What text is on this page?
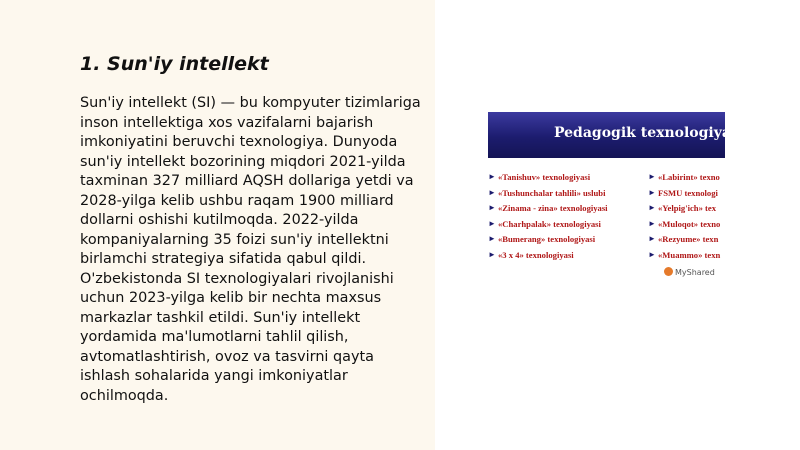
1. Sun'iy intellekt

Sun'iy intellekt (SI) — bu kompyuter tizimlariga inson intellektiga xos vazifalarni bajarish imkoniyatini beruvchi texnologiya. Dunyoda sun'iy intellekt bozorining miqdori 2021-yilda taxminan 327 milliard AQSH dollariga yetdi va 2028-yilga kelib ushbu raqam 1900 milliard dollarni oshishi kutilmoqda. 2022-yilda kompaniyalarning 35 foizi sun'iy intellektni birlamchi strategiya sifatida qabul qildi. O'zbekistonda SI texnologiyalari rivojlanishi uchun 2023-yilga kelib bir nechta maxsus markazlar tashkil etildi. Sun'iy intellekt yordamida ma'lumotlarni tahlil qilish, avtomatlashtirish, ovoz va tasvirni qayta ishlash sohalarida yangi imkoniyatlar ochilmoqda.

Pedagogik texnologiyala
► «Tanishuv» texnologiyasi
► «Tushunchalar tahlili» uslubi
► «Zinama - zina» texnologiyasi
► «Charhpalak» texnologiyasi
► «Bumerang» texnologiyasi
► «3 x 4» texnologiyasi
► «Labirint» texno
► FSMU texnologi
► «Yelpig'ich» tex
► «Muloqot» texno
► «Rezyume» texn
► «Muammo» texn
MyShared
